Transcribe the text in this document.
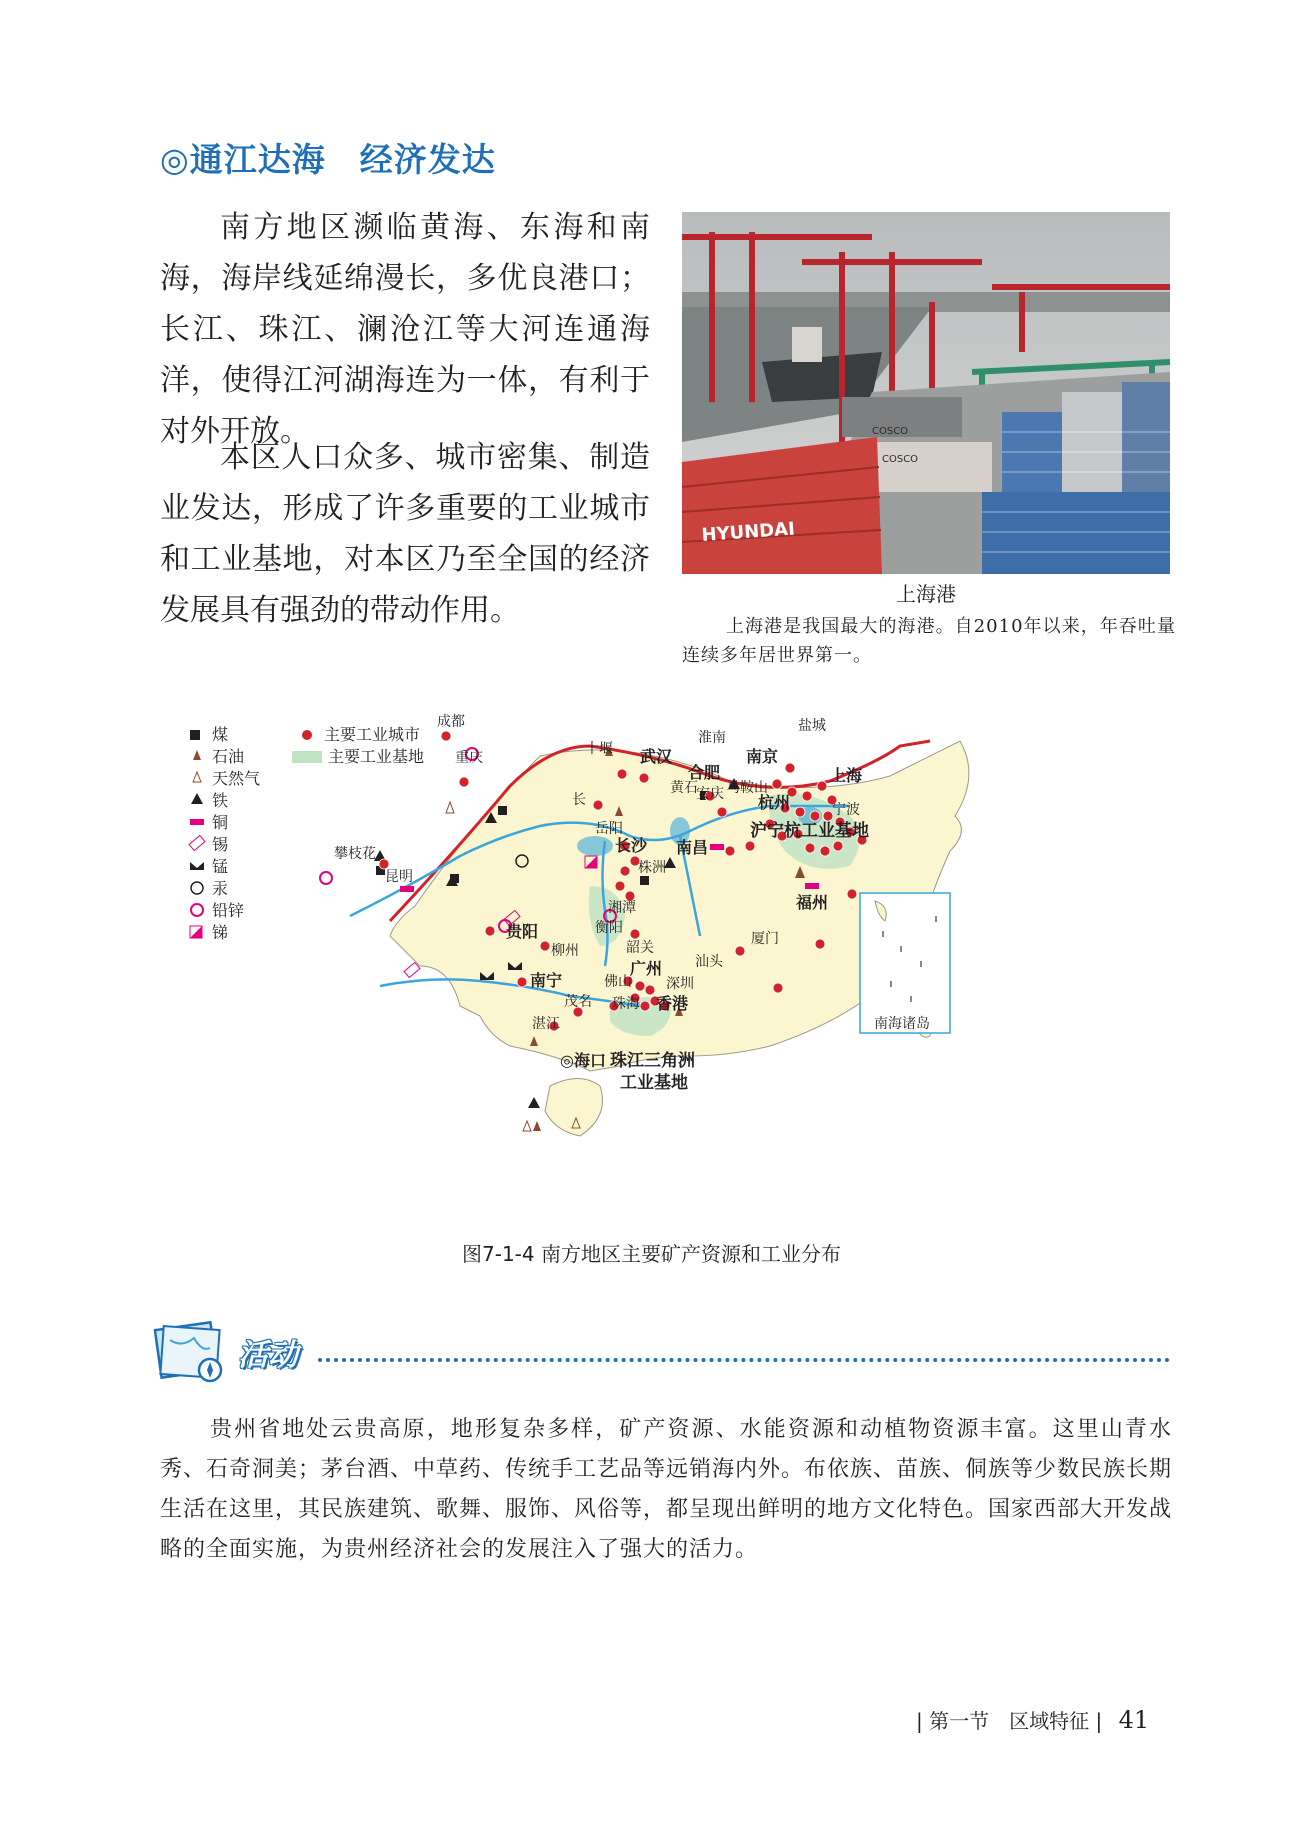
◎通江达海　经济发达

南方地区濒临黄海、东海和南海，海岸线延绵漫长，多优良港口；长江、珠江、澜沧江等大河连通海洋，使得江河湖海连为一体，有利于对外开放。

本区人口众多、城市密集、制造业发达，形成了许多重要的工业城市和工业基地，对本区乃至全国的经济发展具有强劲的带动作用。

HYUNDAI
COSCO
COSCO
上海港
上海港是我国最大的海港。自2010年以来，年吞吐量连续多年居世界第一。
煤
石油
天然气
铁
铜
锡
锰
汞
铅锌
锑
主要工业城市
主要工业基地
成都
重庆
贵阳
昆明
攀枝花
十堰 武汉
岳阳
长沙
湘潭
株洲
衡阳
南昌
黄石
安庆
合肥
淮南
南京
马鞍山
杭州
上海
宁波
盐城
福州
厦门
汕头
韶关
柳州
南宁
广州
佛山 深圳
珠海 香港
茂名
湛江
◎海口
长
沪宁杭工业基地
珠江三角洲
工业基地
南海诸岛
图7-1-4 南方地区主要矿产资源和工业分布
活动

贵州省地处云贵高原，地形复杂多样，矿产资源、水能资源和动植物资源丰富。这里山青水秀、石奇洞美；茅台酒、中草药、传统手工艺品等远销海内外。布依族、苗族、侗族等少数民族长期生活在这里，其民族建筑、歌舞、服饰、风俗等，都呈现出鲜明的地方文化特色。国家西部大开发战略的全面实施，为贵州经济社会的发展注入了强大的活力。

| 第一节　区域特征 | 41
